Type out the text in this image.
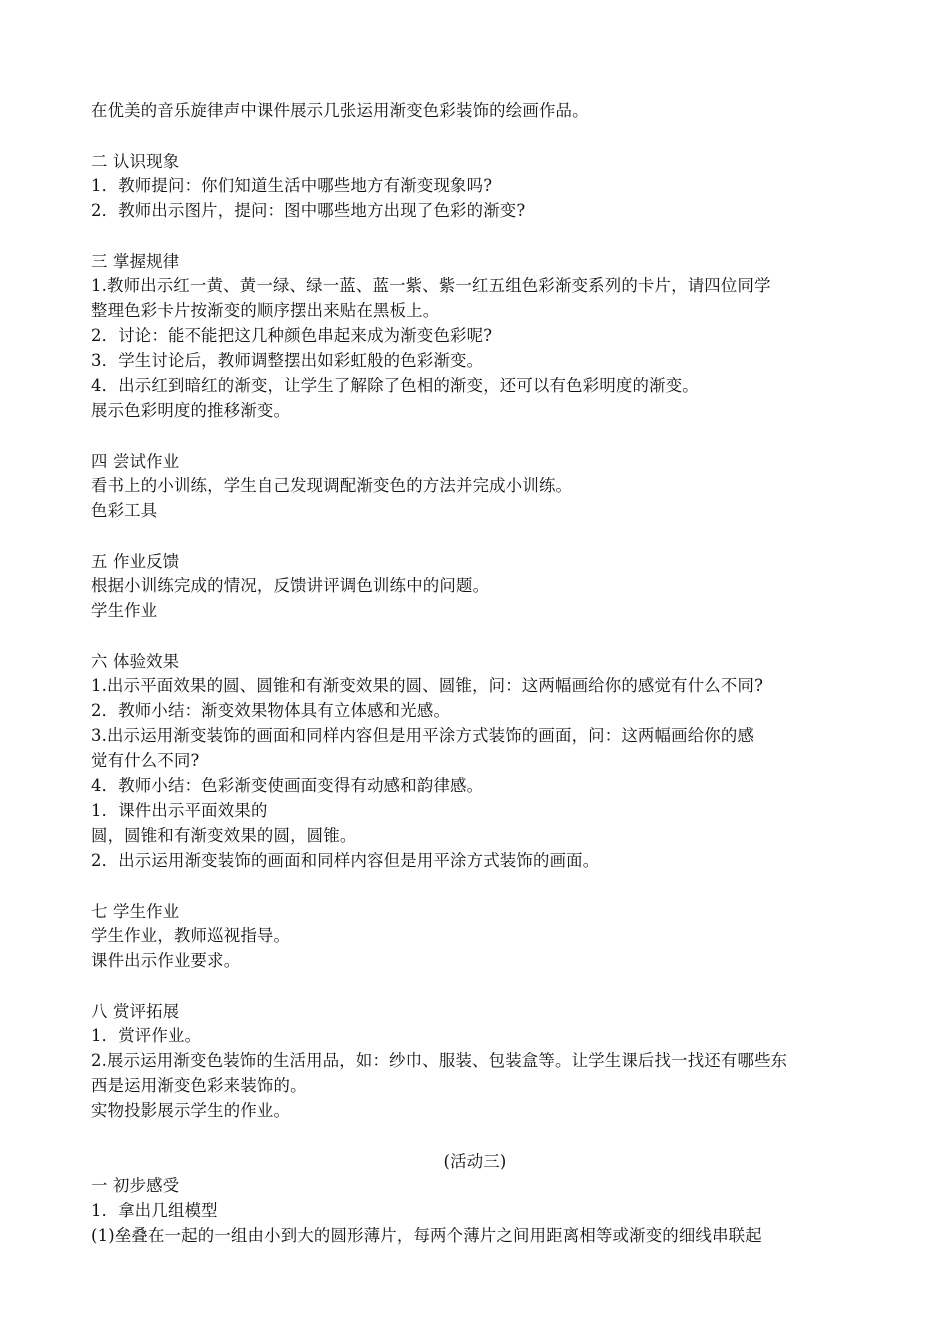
在优美的音乐旋律声中课件展示几张运用渐变色彩装饰的绘画作品。
二 认识现象
1．教师提问：你们知道生活中哪些地方有渐变现象吗?
2．教师出示图片，提问：图中哪些地方出现了色彩的渐变?
三 掌握规律
1.教师出示红一黄、黄一绿、绿一蓝、蓝一紫、紫一红五组色彩渐变系列的卡片，请四位同学
整理色彩卡片按渐变的顺序摆出来贴在黑板上。
2．讨论：能不能把这几种颜色串起来成为渐变色彩呢?
3．学生讨论后，教师调整摆出如彩虹般的色彩渐变。
4．出示红到暗红的渐变，让学生了解除了色相的渐变，还可以有色彩明度的渐变。
展示色彩明度的推移渐变。
四 尝试作业
看书上的小训练，学生自己发现调配渐变色的方法并完成小训练。
色彩工具
五 作业反馈
根据小训练完成的情况，反馈讲评调色训练中的问题。
学生作业
六 体验效果
1.出示平面效果的圆、圆锥和有渐变效果的圆、圆锥，问：这两幅画给你的感觉有什么不同?
2．教师小结：渐变效果物体具有立体感和光感。
3.出示运用渐变装饰的画面和同样内容但是用平涂方式装饰的画面，问：这两幅画给你的感
觉有什么不同?
4．教师小结：色彩渐变使画面变得有动感和韵律感。
1．课件出示平面效果的
圆，圆锥和有渐变效果的圆，圆锥。
2．出示运用渐变装饰的画面和同样内容但是用平涂方式装饰的画面。
七 学生作业
学生作业，教师巡视指导。
课件出示作业要求。
八 赏评拓展
1．赏评作业。
2.展示运用渐变色装饰的生活用品，如：纱巾、服装、包装盒等。让学生课后找一找还有哪些东
西是运用渐变色彩来装饰的。
实物投影展示学生的作业。
(活动三)
一 初步感受
1．拿出几组模型
(1)垒叠在一起的一组由小到大的圆形薄片，每两个薄片之间用距离相等或渐变的细线串联起
